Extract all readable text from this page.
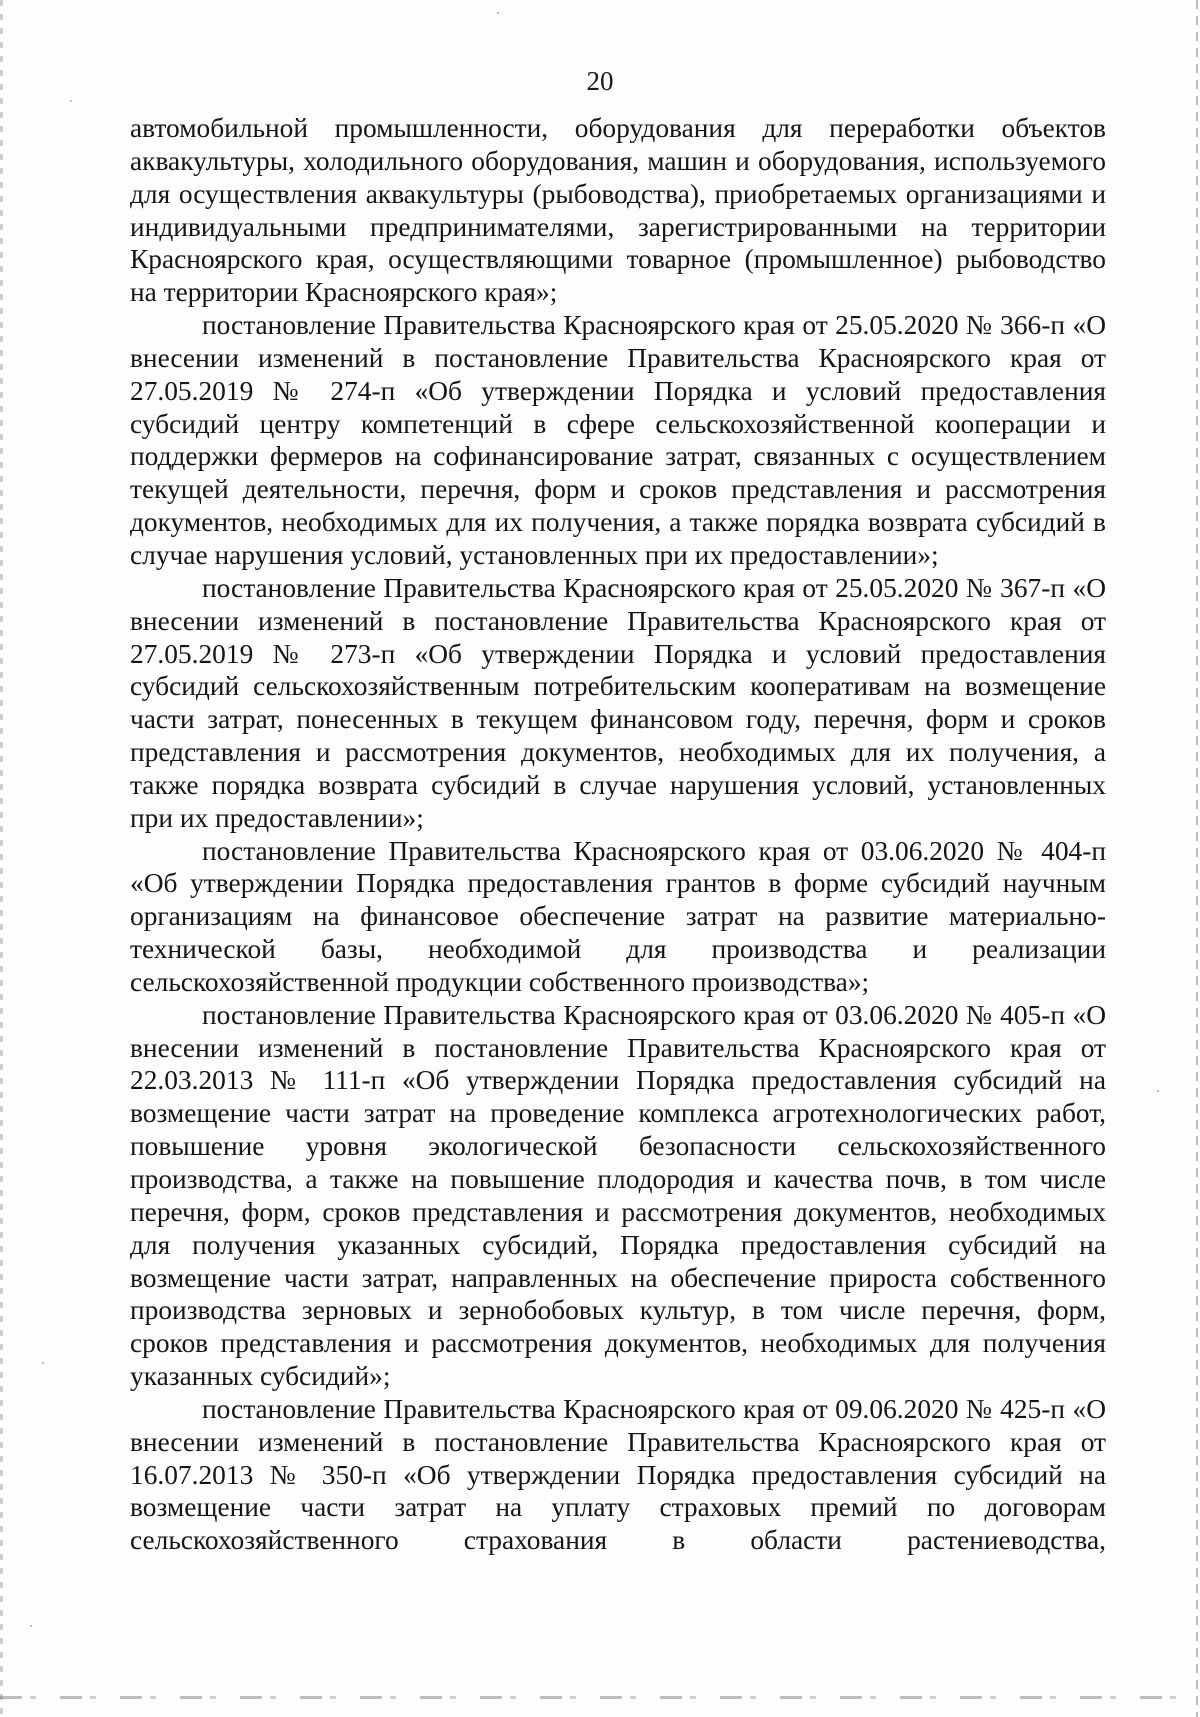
20

автомобильной промышленности, оборудования для переработки объектов аквакультуры, холодильного оборудования, машин и оборудования, используемого для осуществления аквакультуры (рыбоводства), приобретаемых организациями и индивидуальными предпринимателями, зарегистрированными на территории Красноярского края, осуществляющими товарное (промышленное) рыбоводство на территории Красноярского края»;

постановление Правительства Красноярского края от 25.05.2020 № 366-п «О внесении изменений в постановление Правительства Красноярского края от 27.05.2019 № 274-п «Об утверждении Порядка и условий предоставления субсидий центру компетенций в сфере сельскохозяйственной кооперации и поддержки фермеров на софинансирование затрат, связанных с осуществлением текущей деятельности, перечня, форм и сроков представления и рассмотрения документов, необходимых для их получения, а также порядка возврата субсидий в случае нарушения условий, установленных при их предоставлении»;

постановление Правительства Красноярского края от 25.05.2020 № 367-п «О внесении изменений в постановление Правительства Красноярского края от 27.05.2019 № 273-п «Об утверждении Порядка и условий предоставления субсидий сельскохозяйственным потребительским кооперативам на возмещение части затрат, понесенных в текущем финансовом году, перечня, форм и сроков представления и рассмотрения документов, необходимых для их получения, а также порядка возврата субсидий в случае нарушения условий, установленных при их предоставлении»;

постановление Правительства Красноярского края от 03.06.2020 № 404-п «Об утверждении Порядка предоставления грантов в форме субсидий научным организациям на финансовое обеспечение затрат на развитие материально-технической базы, необходимой для производства и реализации сельскохозяйственной продукции собственного производства»;

постановление Правительства Красноярского края от 03.06.2020 № 405-п «О внесении изменений в постановление Правительства Красноярского края от 22.03.2013 № 111-п «Об утверждении Порядка предоставления субсидий на возмещение части затрат на проведение комплекса агротехнологических работ, повышение уровня экологической безопасности сельскохозяйственного производства, а также на повышение плодородия и качества почв, в том числе перечня, форм, сроков представления и рассмотрения документов, необходимых для получения указанных субсидий, Порядка предоставления субсидий на возмещение части затрат, направленных на обеспечение прироста собственного производства зерновых и зернобобовых культур, в том числе перечня, форм, сроков представления и рассмотрения документов, необходимых для получения указанных субсидий»;

постановление Правительства Красноярского края от 09.06.2020 № 425-п «О внесении изменений в постановление Правительства Красноярского края от 16.07.2013 № 350-п «Об утверждении Порядка предоставления субсидий на возмещение части затрат на уплату страховых премий по договорам сельскохозяйственного страхования в области растениеводства,
